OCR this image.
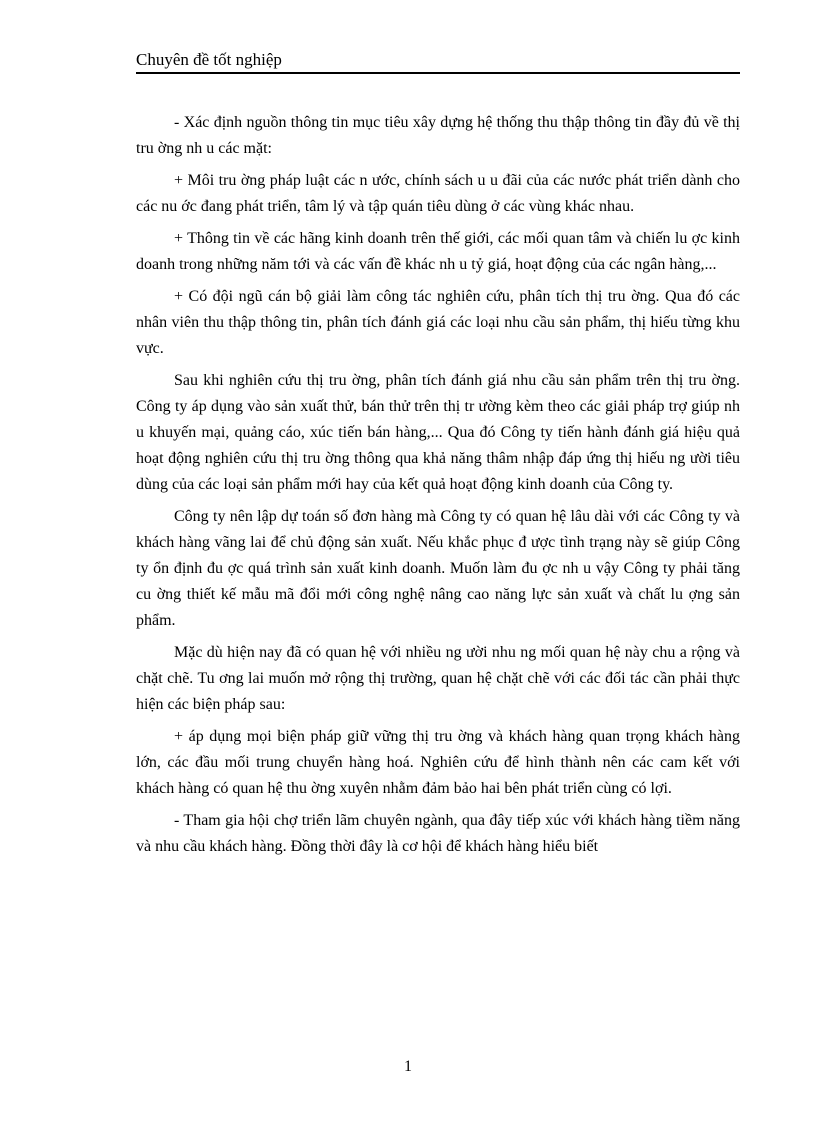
Chuyên đề tốt nghiệp

- Xác định nguồn thông tin mục tiêu xây dựng hệ thống thu thập thông tin đầy đủ về thị tru ờng nh u các mặt:

+ Môi tru ờng pháp luật các n ước, chính sách u u đãi của các nước phát triển dành cho các nu ớc đang phát triển, tâm lý và tập quán tiêu dùng ở các vùng khác nhau.

+ Thông tin về các hãng kinh doanh trên thế giới, các mối quan tâm và chiến lu ợc kinh doanh trong những năm tới và các vấn đề khác nh u tỷ giá, hoạt động của các ngân hàng,...

+ Có đội ngũ cán bộ giải làm công tác nghiên cứu, phân tích thị tru ờng. Qua đó các nhân viên thu thập thông tin, phân tích đánh giá các loại nhu cầu sản phẩm, thị hiếu từng khu vực.

Sau khi nghiên cứu thị tru ờng, phân tích đánh giá nhu cầu sản phẩm trên thị tru ờng. Công ty áp dụng vào sản xuất thử, bán thử trên thị tr ường kèm theo các giải pháp trợ giúp nh u khuyến mại, quảng cáo, xúc tiến bán hàng,... Qua đó Công ty tiến hành đánh giá hiệu quả hoạt động nghiên cứu thị tru ờng thông qua khả năng thâm nhập đáp ứng thị hiếu ng ười tiêu dùng của các loại sản phẩm mới hay của kết quả hoạt động kinh doanh của Công ty.

Công ty nên lập dự toán số đơn hàng mà Công ty có quan hệ lâu dài với các Công ty và khách hàng vãng lai để chủ động sản xuất. Nếu khắc phục đ ược tình trạng này sẽ giúp Công ty ổn định đu ợc quá trình sản xuất kinh doanh. Muốn làm đu ợc nh u vậy Công ty phải tăng cu ờng thiết kế mẫu mã đổi mới công nghệ nâng cao năng lực sản xuất và chất lu ợng sản phẩm.

Mặc dù hiện nay đã có quan hệ với nhiều ng ười nhu ng mối quan hệ này chu a rộng và chặt chẽ. Tu ơng lai muốn mở rộng thị trường, quan hệ chặt chẽ với các đối tác cần phải thực hiện các biện pháp sau:

+ áp dụng mọi biện pháp giữ vững thị tru ờng và khách hàng quan trọng khách hàng lớn, các đầu mối trung chuyển hàng hoá. Nghiên cứu để hình thành nên các cam kết với khách hàng có quan hệ thu ờng xuyên nhằm đảm bảo hai bên phát triển cùng có lợi.

- Tham gia hội chợ triển lãm chuyên ngành, qua đây tiếp xúc với khách hàng tiềm năng và nhu cầu khách hàng. Đồng thời đây là cơ hội để khách hàng hiểu biết

1
